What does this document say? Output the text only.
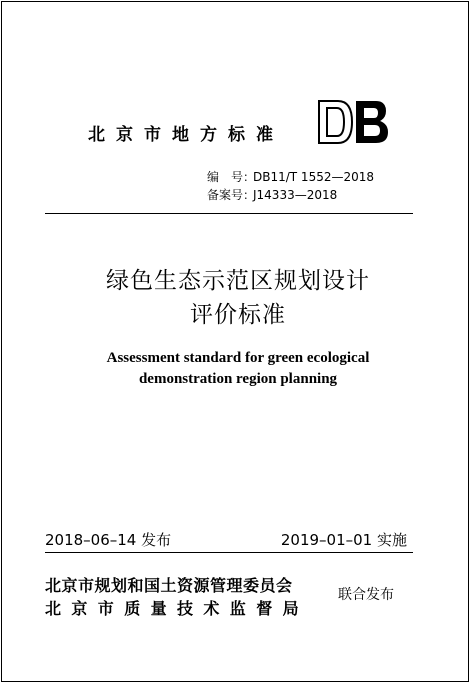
北京市地方标准
编　号：DB11/T 1552—2018
备案号：J14333—2018
绿色生态示范区规划设计
评价标准
Assessment standard for green ecological
demonstration region planning
2018–06–14 发布	2019–01–01 实施
北京市规划和国土资源管理委员会
北京市质量技术监督局
联合发布
